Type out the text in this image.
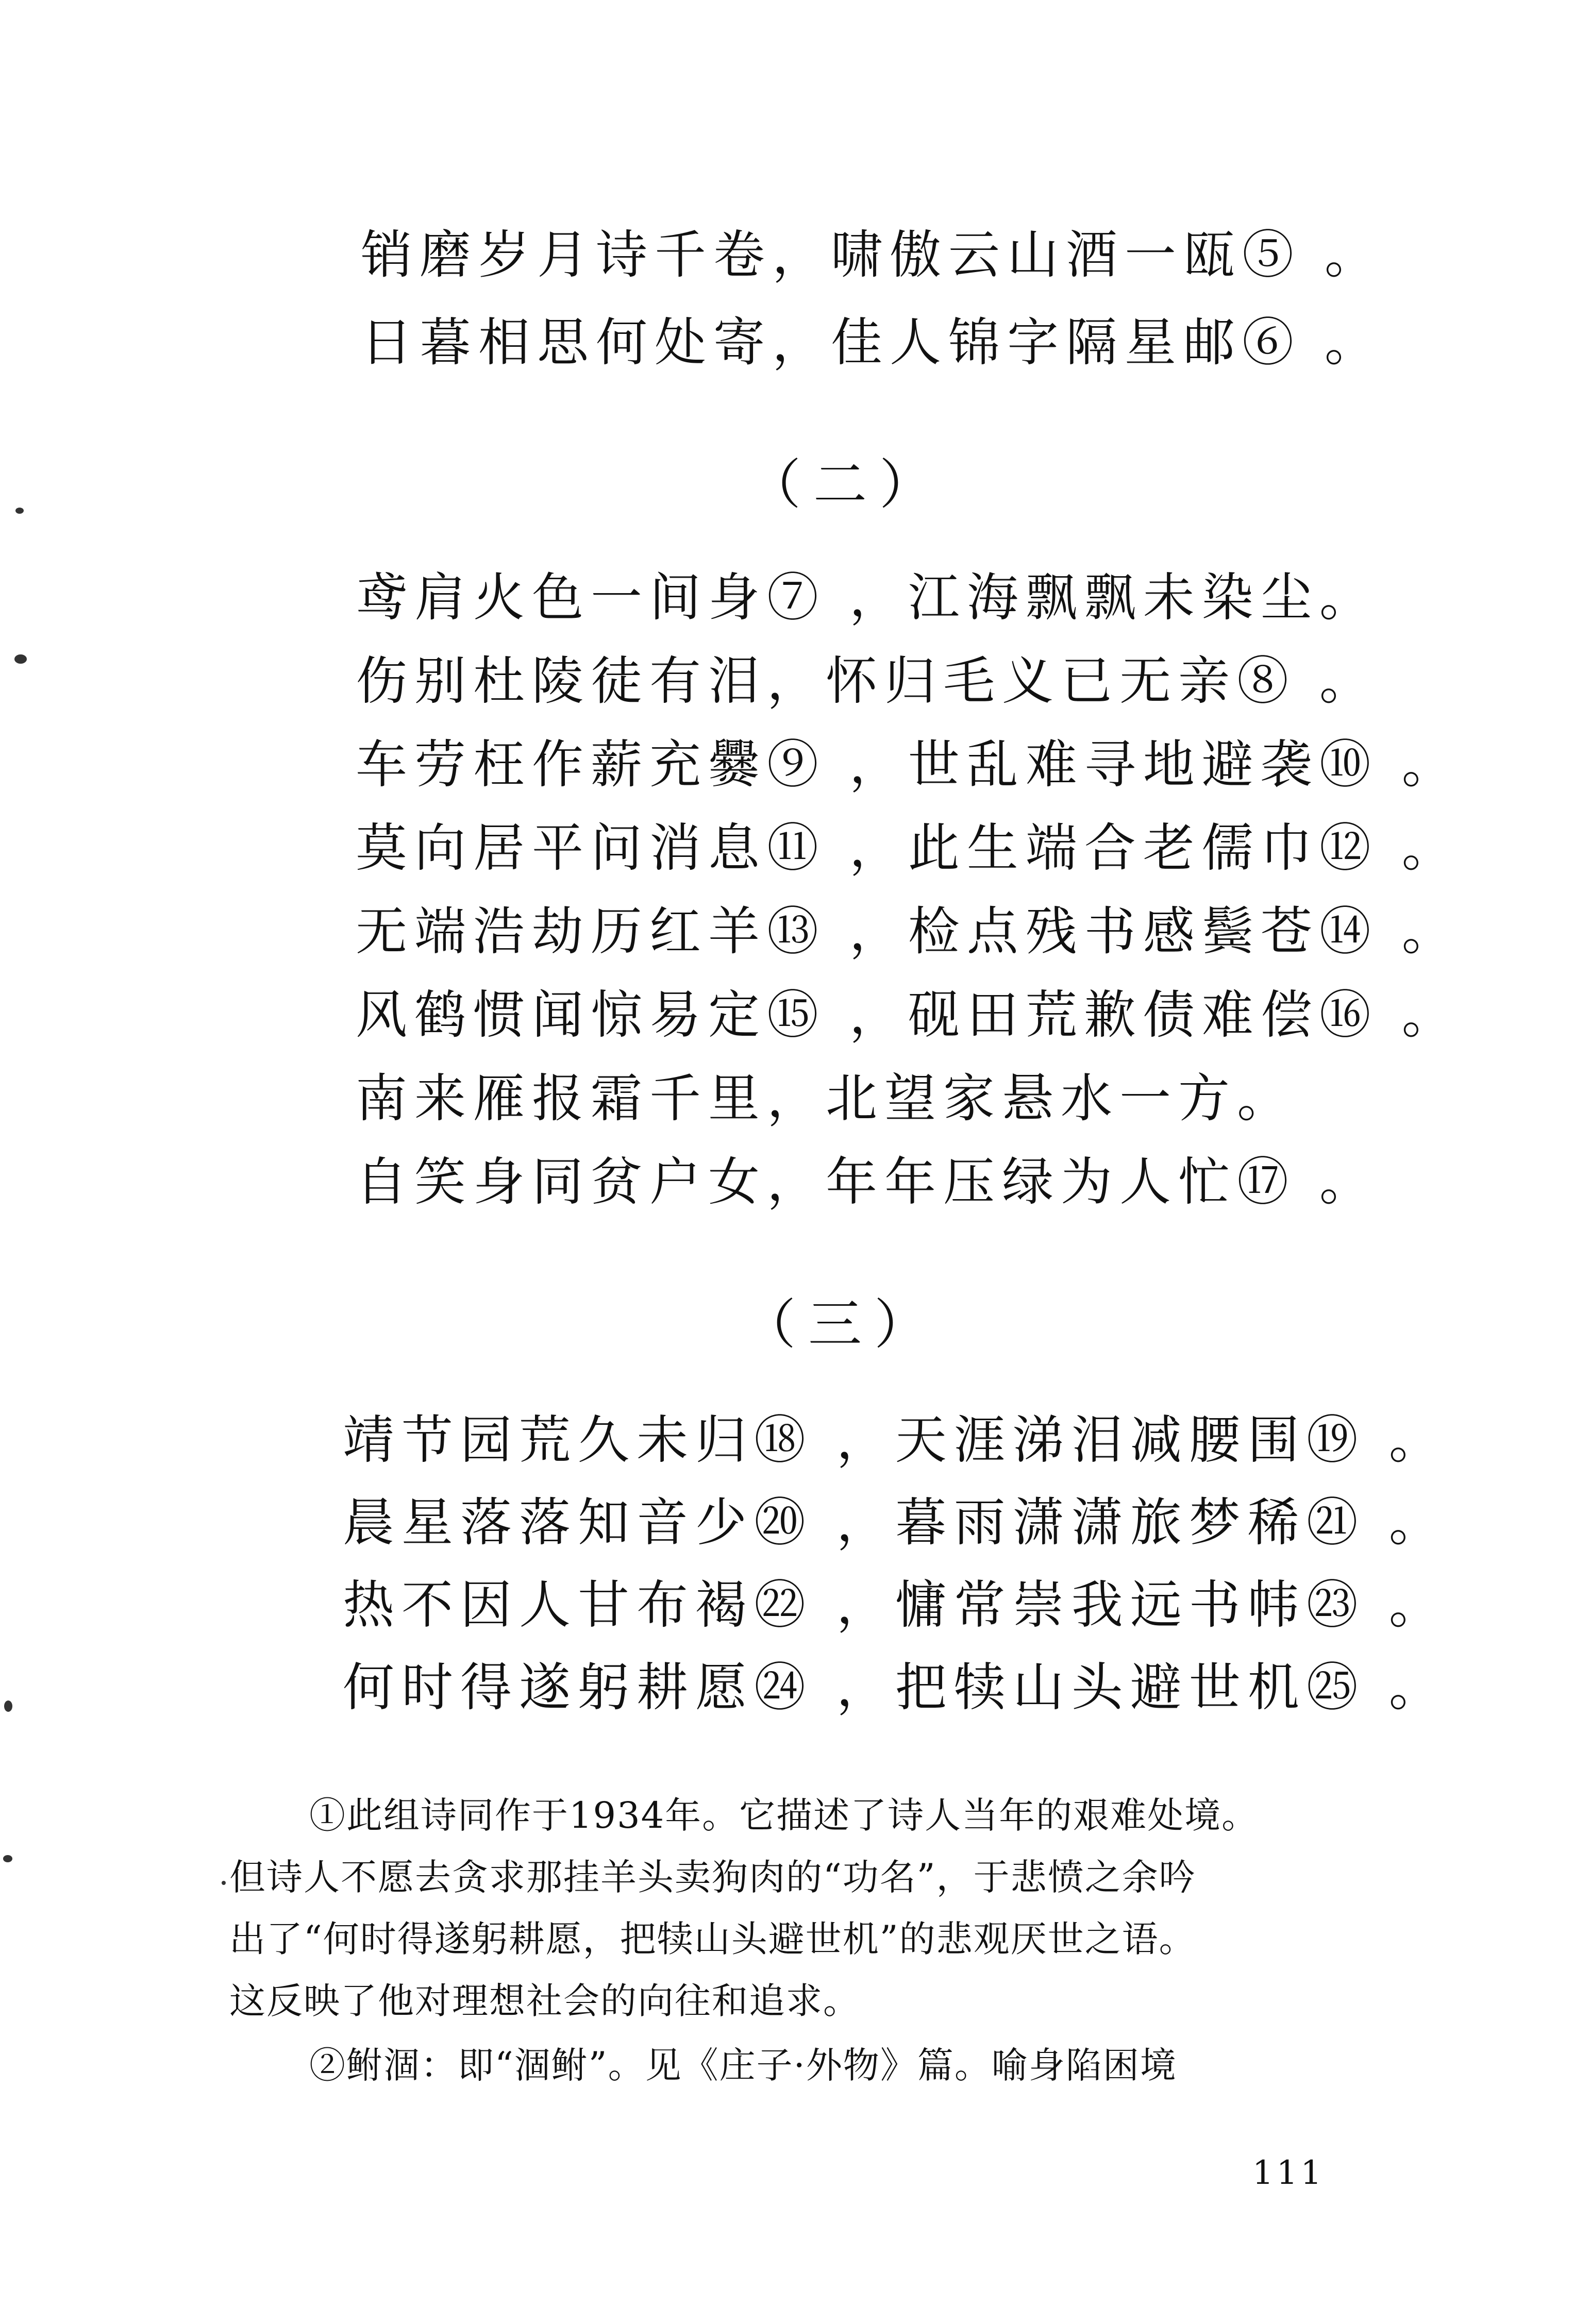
销磨岁月诗千卷，啸傲云山酒一瓯⑤ 。
日暮相思何处寄，佳人锦字隔星邮⑥ 。
（二）
鸢肩火色一间身⑦ ，江海飘飘未染尘。
伤别杜陵徒有泪，怀归毛义已无亲⑧ 。
车劳枉作薪充爨⑨ ，世乱难寻地避袭⑩ 。
莫向居平问消息⑪ ，此生端合老儒巾⑫ 。
无端浩劫历红羊⑬ ，检点残书感鬓苍⑭ 。
风鹤惯闻惊易定⑮ ，砚田荒歉债难偿⑯ 。
南来雁报霜千里，北望家悬水一方。
自笑身同贫户女，年年压绿为人忙⑰ 。
（三）
靖节园荒久未归⑱ ，天涯涕泪减腰围⑲ 。
晨星落落知音少⑳ ，暮雨潇潇旅梦稀㉑ 。
热不因人甘布褐㉒ ，慵常崇我远书帏㉓ 。
何时得遂躬耕愿㉔ ，把犊山头避世机㉕ 。
①此组诗同作于1934年。它描述了诗人当年的艰难处境。
但诗人不愿去贪求那挂羊头卖狗肉的“功名”，于悲愤之余吟
出了“何时得遂躬耕愿，把犊山头避世机”的悲观厌世之语。
这反映了他对理想社会的向往和追求。
②鲋涸：即“涸鲋”。见《庄子·外物》篇。喻身陷困境
111
